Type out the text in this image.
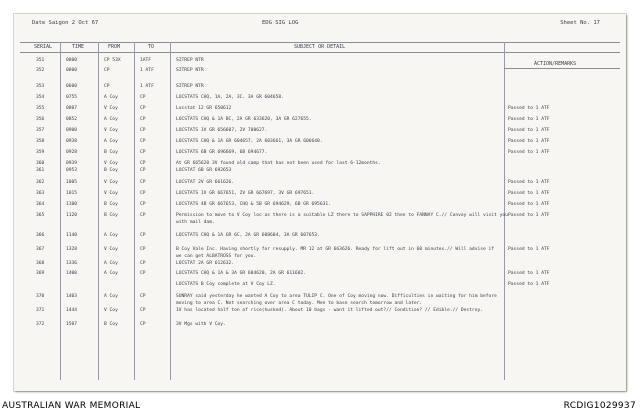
Date Saigon 2 Oct 67	EDG SIG LOG	Sheet No. 17
SERIAL	TIME	FROM	TO	SUBJECT OR DETAIL
ACTION/REMARKS
351	0800	CP 53X	1ATF	SITREP NTR
352	0800	CP	1 ATF	SITREP NTR
353	0600	CP	1 ATF	SITREP NTR
354	0755	A Coy	CP	LOCSTATS CHQ, 1A, 2A, 3C. 3A GR 604658.
355	0807	V Coy	CP	Locstat 12 GR 650612	Passed to 1 ATF
356	0852	A Coy	CP	LOCSTATS CHQ & 1A BC, 2A GR 633620, 3A GR 627655.	Passed to 1 ATF
357	0900	V Coy	CP	LOCSTATS 1V GR 656607, 2V 700627.	Passed to 1 ATF
358	0938	A Coy	CP	LOCSTATS CHQ & 1A GR 604657, 2A 603661, 3A GR 606640.	Passed to 1 ATF
359	0928	B Coy	CP	LOCSTATS 6B GR 696669, 6B 694677.	Passed to 1 ATF
360	0939	V Coy	CP	At GR 665620 3V found old camp that has not been used for last 6-12months.
361	0953	B Coy	CP	LOCSTAT 6B GR 692653
362	1005	V Coy	CP	LOCSTAT 2V GR 661626.	Passed to 1 ATF
363	1015	V Coy	CP	LOCSTATS 1V GR 667651, 2V GR 667697, 3V GR 697651.	Passed to 1 ATF
364	1100	B Coy	CP	LOCSTATS 4B GR 667653, CHQ & 5B GR 694629, 6B GR 695631.	Passed to 1 ATF
365	1120	B Coy	CP	Permission to move to V Coy loc as there is a suitable LZ there to SAPPHIRE 02 then to FANNAY C.// Convoy will visit you Passed to 1 ATF
with mail dam.
366	1140	A Coy	CP	LOCSTATS CHQ & 1A GR 6C, 2A GR 608604, 3A GR 607653.
367	1328	V Coy	CP	B Coy Vale Inc. Having shortly for resupply. MR 12 at GR 663626. Ready for lift out in 60 minutes.// Will advise if	Passed to 1 ATF
we can get ALBATROSS for you.
368	1336	A Coy	CP	LOCSTAT 2A GR 612632.
369	1400	A Coy	CP	LOCSTATS CHQ & 1A & 3A GR 604620, 2A GR 611602.	Passed to 1 ATF
LOCSTATS B Coy complete at V Coy LZ.	Passed to 1 ATF
370	1403	A Coy	CP	SUNRAY said yesterday he wanted A Coy to area TULIP C. One of Coy moving now. Difficulties in waiting for him before
moving to area C. Not searching over area C today. Men to base search tomorrow and later.
371	1444	V Coy	CP	1V has located half ton of rice(husked). About 10 bags - want it lifted out?// Condition? // Edible.// Destroy.
372	1507	B Coy	CP	3V Mgs with V Coy.
AUSTRALIAN WAR MEMORIAL	RCDIG1029937
